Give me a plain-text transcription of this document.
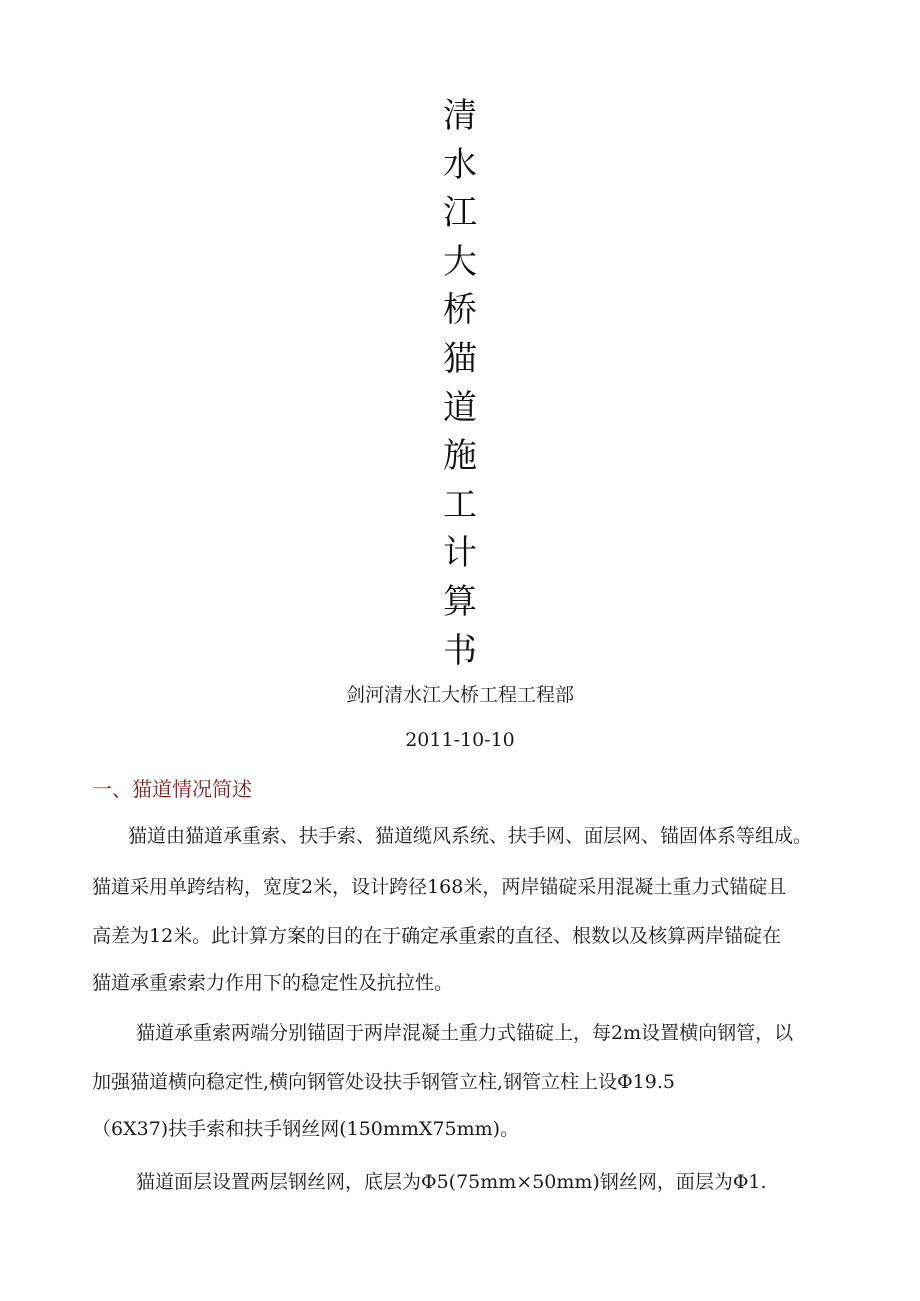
清
水
江
大
桥
猫
道
施
工
计
算
书
剑河清水江大桥工程工程部
2011-10-10
一、猫道情况简述
猫道由猫道承重索、扶手索、猫道缆风系统、扶手网、面层网、锚固体系等组成。
猫道采用单跨结构，宽度2米，设计跨径168米，两岸锚碇采用混凝土重力式锚碇且
高差为12米。此计算方案的目的在于确定承重索的直径、根数以及核算两岸锚碇在
猫道承重索索力作用下的稳定性及抗拉性。
猫道承重索两端分别锚固于两岸混凝土重力式锚碇上，每2m设置横向钢管，以
加强猫道横向稳定性,横向钢管处设扶手钢管立柱,钢管立柱上设Φ19.5
（6X37)扶手索和扶手钢丝网(150mmX75mm)。
猫道面层设置两层钢丝网，底层为Φ5(75mm×50mm)钢丝网，面层为Φ1.
